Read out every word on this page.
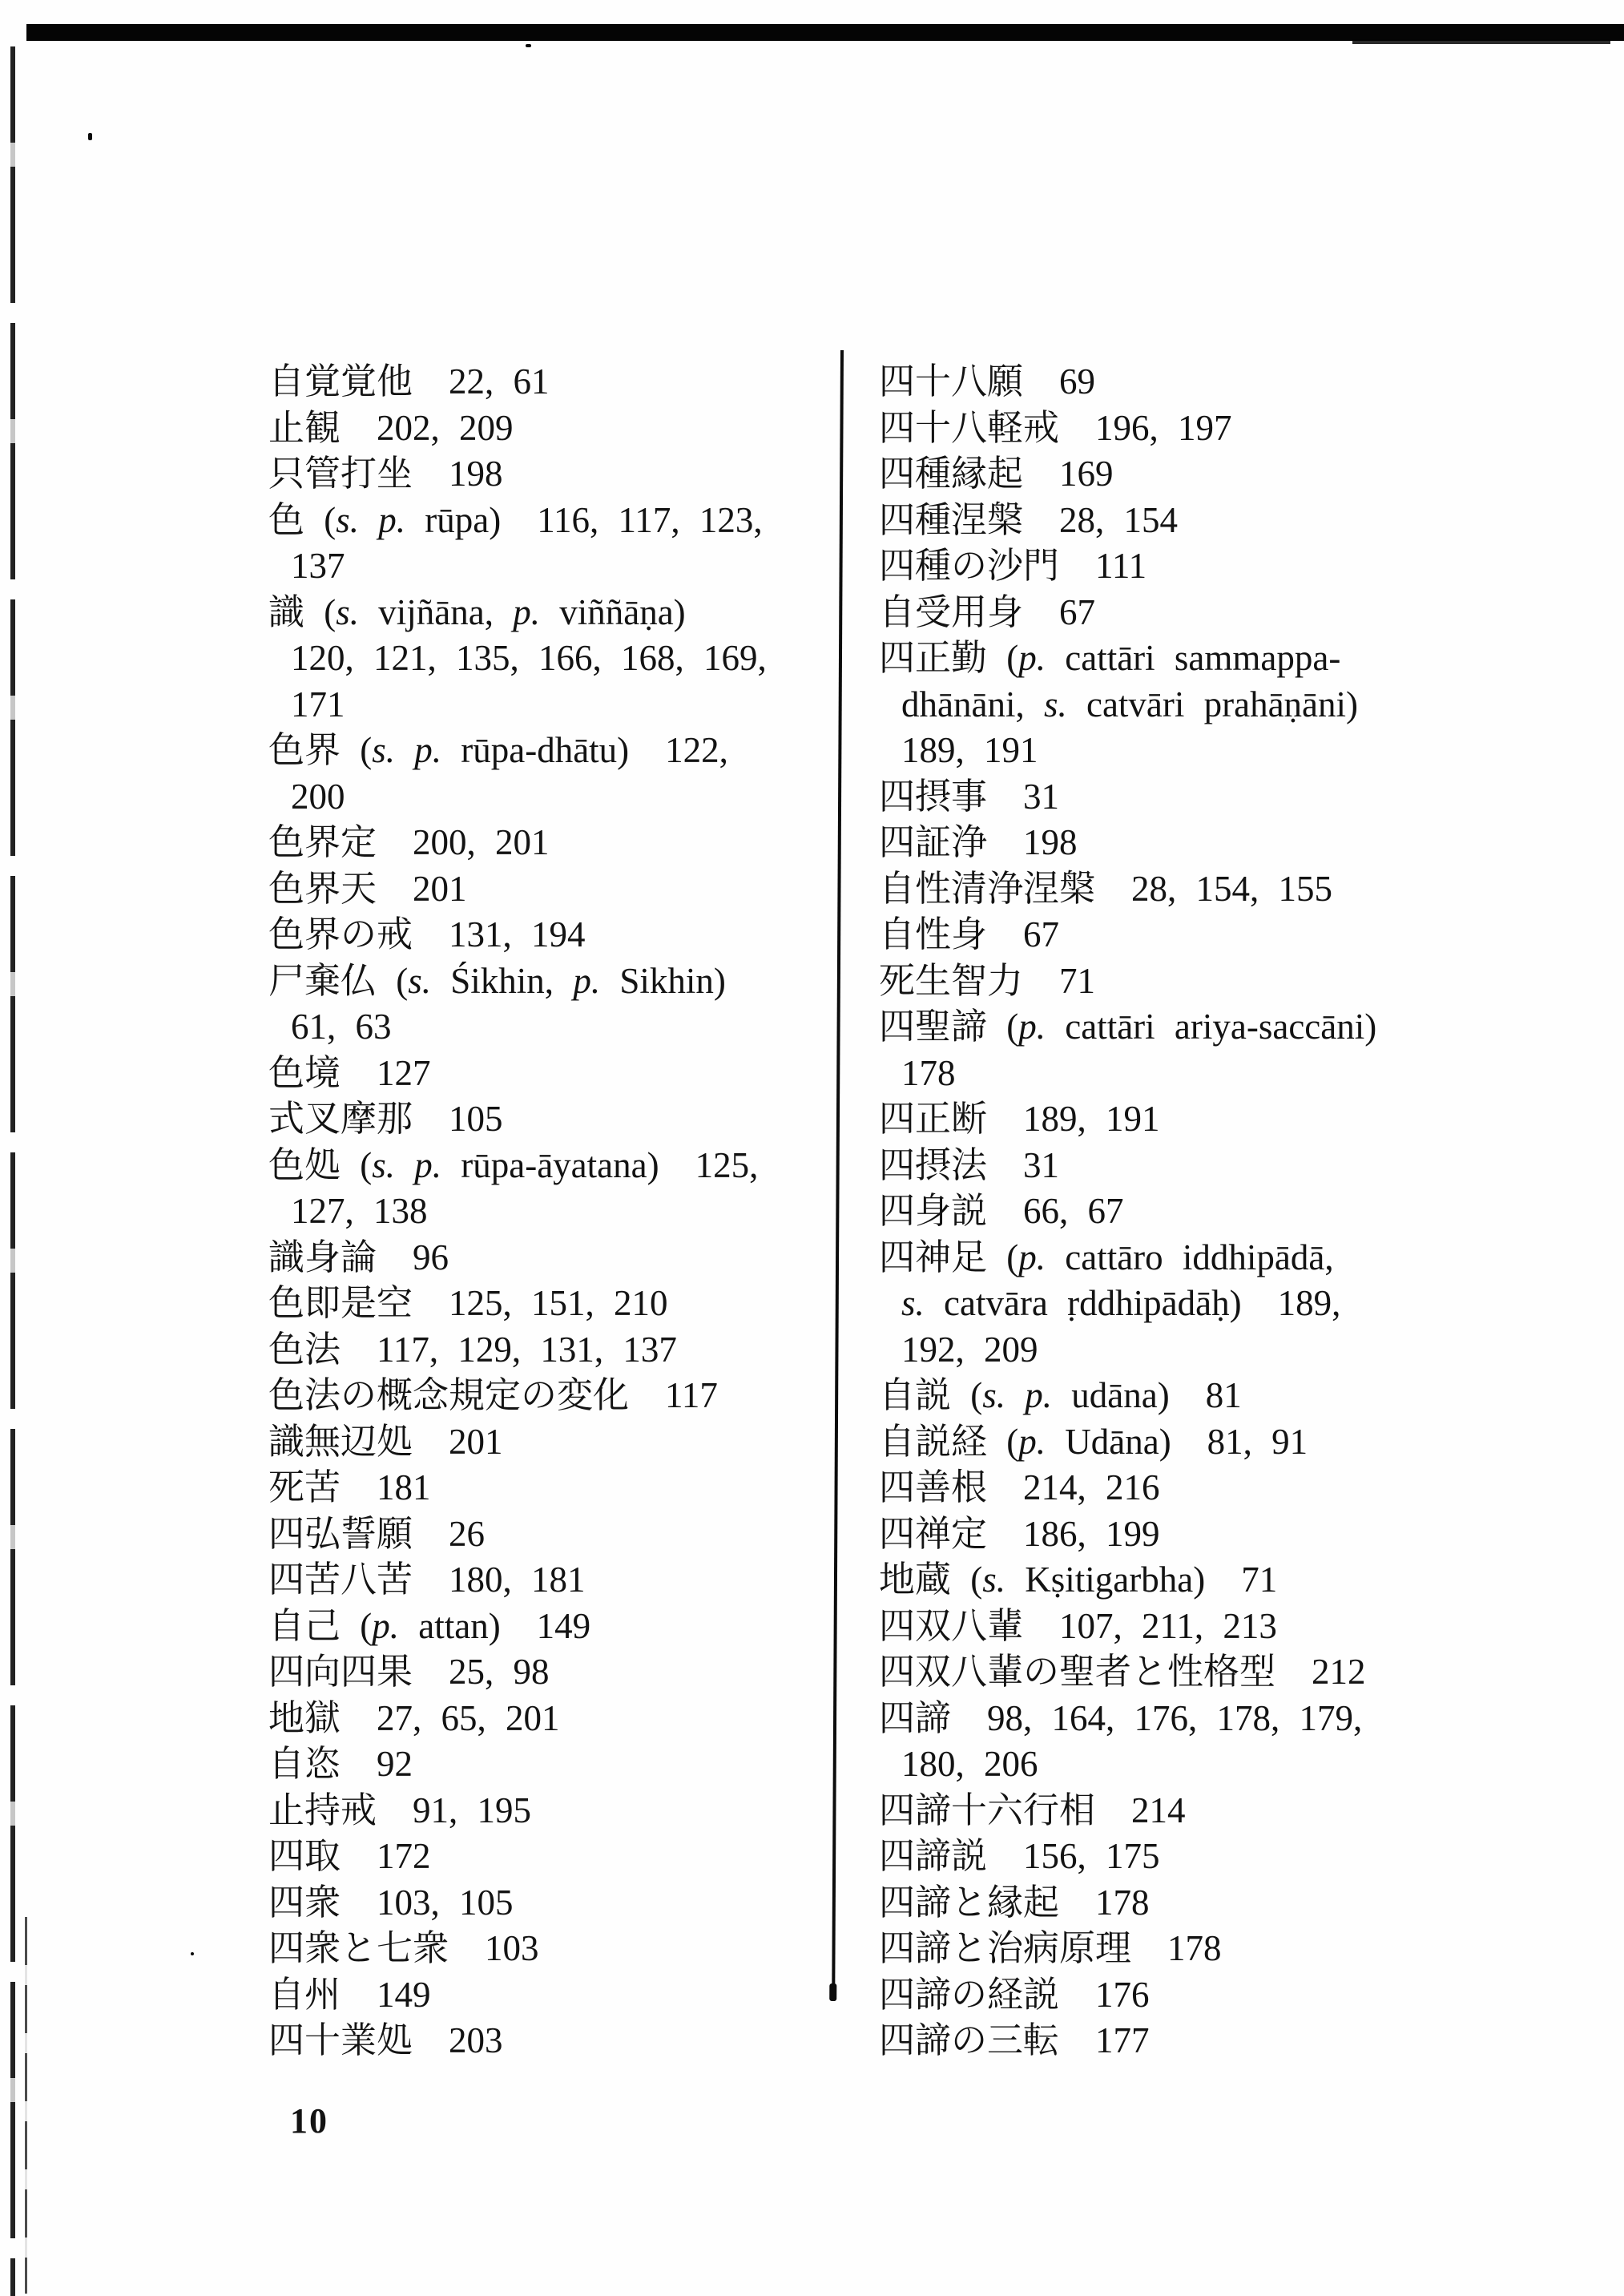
自覚覚他　22, 61
止観　202, 209
只管打坐　198
色 (s. p. rūpa)　116, 117, 123,
137
識 (s. vijñāna, p. viññāṇa)
120, 121, 135, 166, 168, 169,
171
色界 (s. p. rūpa-dhātu)　122,
200
色界定　200, 201
色界天　201
色界の戒　131, 194
尸棄仏 (s. Śikhin, p. Sikhin)
61, 63
色境　127
式叉摩那　105
色処 (s. p. rūpa-āyatana)　125,
127, 138
識身論　96
色即是空　125, 151, 210
色法　117, 129, 131, 137
色法の概念規定の変化　117
識無辺処　201
死苦　181
四弘誓願　26
四苦八苦　180, 181
自己 (p. attan)　149
四向四果　25, 98
地獄　27, 65, 201
自恣　92
止持戒　91, 195
四取　172
四衆　103, 105
四衆と七衆　103
自州　149
四十業処　203
四十八願　69
四十八軽戒　196, 197
四種縁起　169
四種涅槃　28, 154
四種の沙門　111
自受用身　67
四正勤 (p. cattāri sammappa-
dhānāni, s. catvāri prahāṇāni)
189, 191
四摂事　31
四証浄　198
自性清浄涅槃　28, 154, 155
自性身　67
死生智力　71
四聖諦 (p. cattāri ariya-saccāni)
178
四正断　189, 191
四摂法　31
四身説　66, 67
四神足 (p. cattāro iddhipādā,
s. catvāra ṛddhipādāḥ)　189,
192, 209
自説 (s. p. udāna)　81
自説経 (p. Udāna)　81, 91
四善根　214, 216
四禅定　186, 199
地蔵 (s. Kṣitigarbha)　71
四双八輩　107, 211, 213
四双八輩の聖者と性格型　212
四諦　98, 164, 176, 178, 179,
180, 206
四諦十六行相　214
四諦説　156, 175
四諦と縁起　178
四諦と治病原理　178
四諦の経説　176
四諦の三転　177
10
